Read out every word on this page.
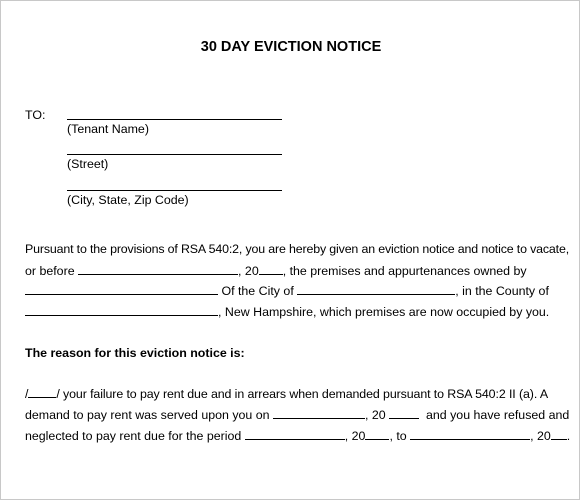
30 DAY EVICTION NOTICE
TO:
(Tenant Name)
(Street)
(City, State, Zip Code)
Pursuant to the provisions of RSA 540:2, you are hereby given an eviction notice and notice to vacate,
or before	, 20 , the premises and appurtenances owned by
Of the City of	, in the County of
, New Hampshire, which premises are now occupied by you.
The reason for this eviction notice is:
/ / your failure to pay rent due and in arrears when demanded pursuant to RSA 540:2 II (a). A
demand to pay rent was served upon you on	, 20	and you have refused and
neglected to pay rent due for the period	, 20 , to	, 20 .
